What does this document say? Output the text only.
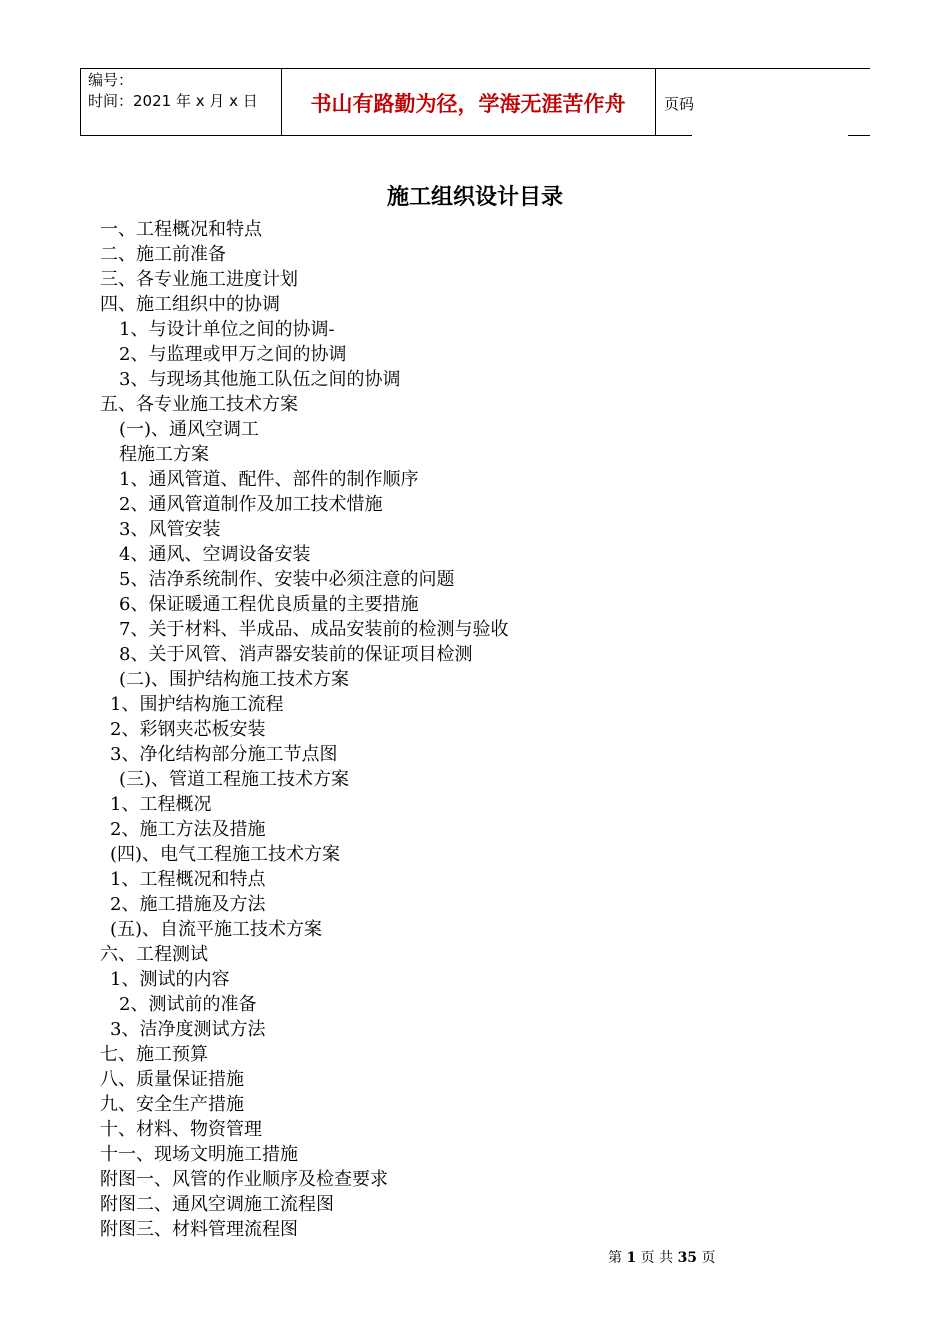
编号：
时间：2021 年 x 月 x 日	书山有路勤为径，学海无涯苦作舟	页码
施工组织设计目录
一、工程概况和特点
二、施工前准备
三、各专业施工进度计划
四、施工组织中的协调
1、与设计单位之间的协调-
2、与监理或甲万之间的协调
3、与现场其他施工队伍之间的协调
五、各专业施工技术方案
(一)、通风空调工
程施工方案
1、通风管道、配件、部件的制作顺序
2、通风管道制作及加工技术惜施
3、风管安装
4、通风、空调设备安装
5、洁净系统制作、安装中必须注意的问题
6、保证暖通工程优良质量的主要措施
7、关于材料、半成品、成品安装前的检测与验收
8、关于风管、消声器安装前的保证项目检测
(二)、围护结构施工技术方案
1、围护结构施工流程
2、彩钢夹芯板安装
3、净化结构部分施工节点图
(三)、管道工程施工技术方案
1、工程概况
2、施工方法及措施
(四)、电气工程施工技术方案
1、工程概况和特点
2、施工措施及方法
(五)、自流平施工技术方案
六、工程测试
1、测试的内容
2、测试前的准备
3、洁净度测试方法
七、施工预算
八、质量保证措施
九、安全生产措施
十、材料、物资管理
十一、现场文明施工措施
附图一、风管的作业顺序及检查要求
附图二、通风空调施工流程图
附图三、材料管理流程图
第 1 页 共 35 页
